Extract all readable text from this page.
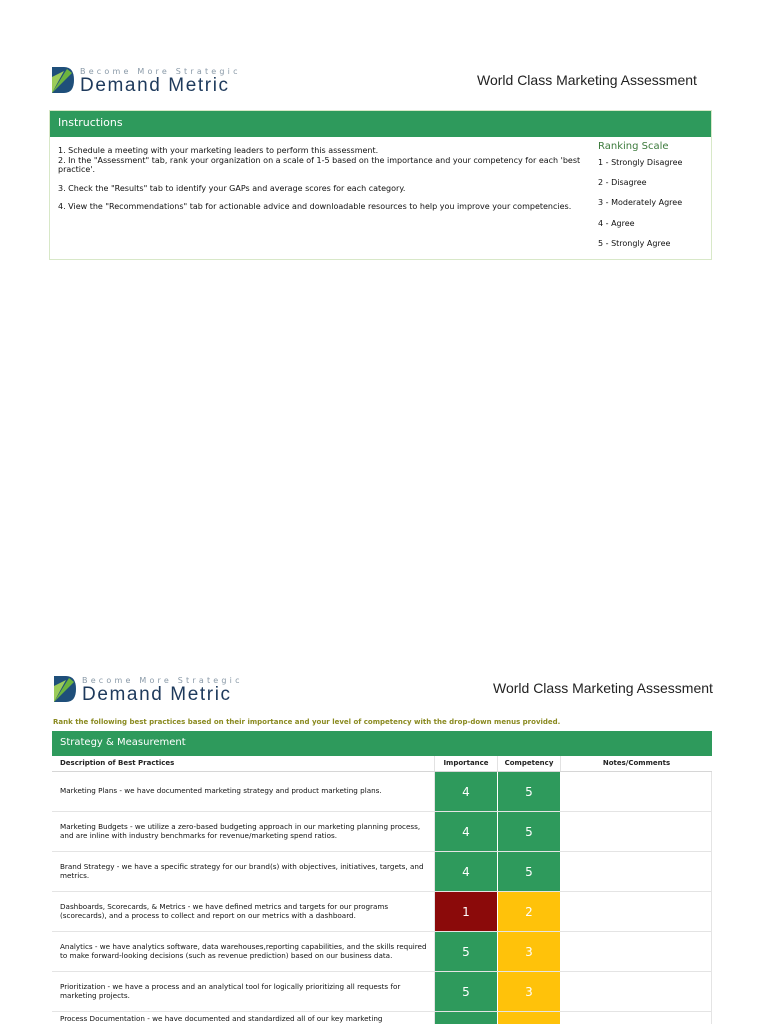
Become More Strategic
Demand Metric	World Class Marketing Assessment
Instructions

1. Schedule a meeting with your marketing leaders to perform this assessment.

2. In the "Assessment" tab, rank your organization on a scale of 1-5 based on the importance and your competency for each 'best practice'.

3. Check the "Results" tab to identify your GAPs and average scores for each category.

4. View the "Recommendations" tab for actionable advice and downloadable resources to help you improve your competencies.

Ranking Scale
1 - Strongly Disagree
2 - Disagree
3 - Moderately Agree
4 - Agree
5 - Strongly Agree
Become More Strategic
Demand Metric	World Class Marketing Assessment
Rank the following best practices based on their importance and your level of competency with the drop-down menus provided.
Strategy & Measurement
Description of Best Practices	Importance	Competency	Notes/Comments
Marketing Plans - we have documented marketing strategy and product marketing plans.	4	5
Marketing Budgets - we utilize a zero-based budgeting approach in our marketing planning process, and are inline with industry benchmarks for revenue/marketing spend ratios.	4	5
Brand Strategy - we have a specific strategy for our brand(s) with objectives, initiatives, targets, and metrics.	4	5
Dashboards, Scorecards, & Metrics - we have defined metrics and targets for our programs (scorecards), and a process to collect and report on our metrics with a dashboard.	1	2
Analytics - we have analytics software, data warehouses,reporting capabilities, and the skills required to make forward-looking decisions (such as revenue prediction) based on our business data.	5	3
Prioritization - we have a process and an analytical tool for logically prioritizing all requests for marketing projects.	5	3
Process Documentation - we have documented and standardized all of our key marketing
